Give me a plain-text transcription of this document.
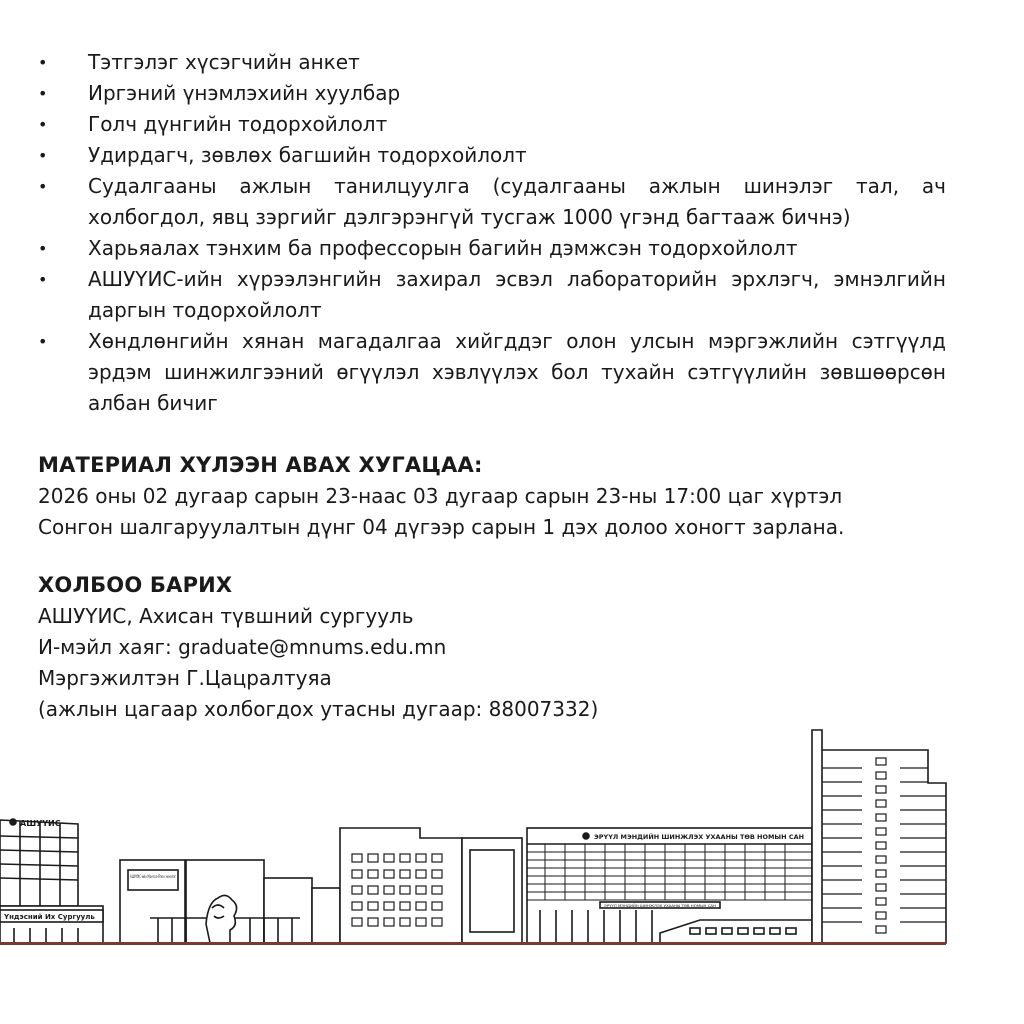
•	Тэтгэлэг хүсэгчийн анкет
•	Иргэний үнэмлэхийн хуулбар
•	Голч дүнгийн тодорхойлолт
•	Удирдагч, зөвлөх багшийн тодорхойлолт
•	Судалгааны ажлын танилцуулга (судалгааны ажлын шинэлэг тал, ач холбогдол, явц зэргийг дэлгэрэнгүй тусгаж 1000 үгэнд багтааж бичнэ)
•	Харьяалах тэнхим ба профессорын багийн дэмжсэн тодорхойлолт
•	АШУҮИС-ийн хүрээлэнгийн захирал эсвэл лабораторийн эрхлэгч, эмнэлгийн даргын тодорхойлолт
•	Хөндлөнгийн хянан магадалгаа хийгддэг олон улсын мэргэжлийн сэтгүүлд эрдэм шинжилгээний өгүүлэл хэвлүүлэх бол тухайн сэтгүүлийн зөвшөөрсөн албан бичиг
МАТЕРИАЛ ХҮЛЭЭН АВАХ ХУГАЦАА:

2026 оны 02 дугаар сарын 23-наас 03 дугаар сарын 23-ны 17:00 цаг хүртэл

Сонгон шалгаруулалтын дүнг 04 дүгээр сарын 1 дэх долоо хоногт зарлана.

ХОЛБОО БАРИХ

АШУҮИС, Ахисан түвшний сургууль

И-мэйл хаяг: graduate@mnums.edu.mn

Мэргэжилтэн Г.Цацралтуяа

(ажлын цагаар холбогдох утасны дугаар: 88007332)

АШУҮИС
Үндэсний Их Сургууль
АШУҮИС-ийн Монгол-Япон эмнэлэг
ЭРҮҮЛ МЭНДИЙН ШИНЖЛЭХ УХААНЫ ТӨВ НОМЫН САН
ЭРҮҮЛ МЭНДИЙН ШИНЖЛЭХ УХААНЫ ТӨВ НОМЫН САН
